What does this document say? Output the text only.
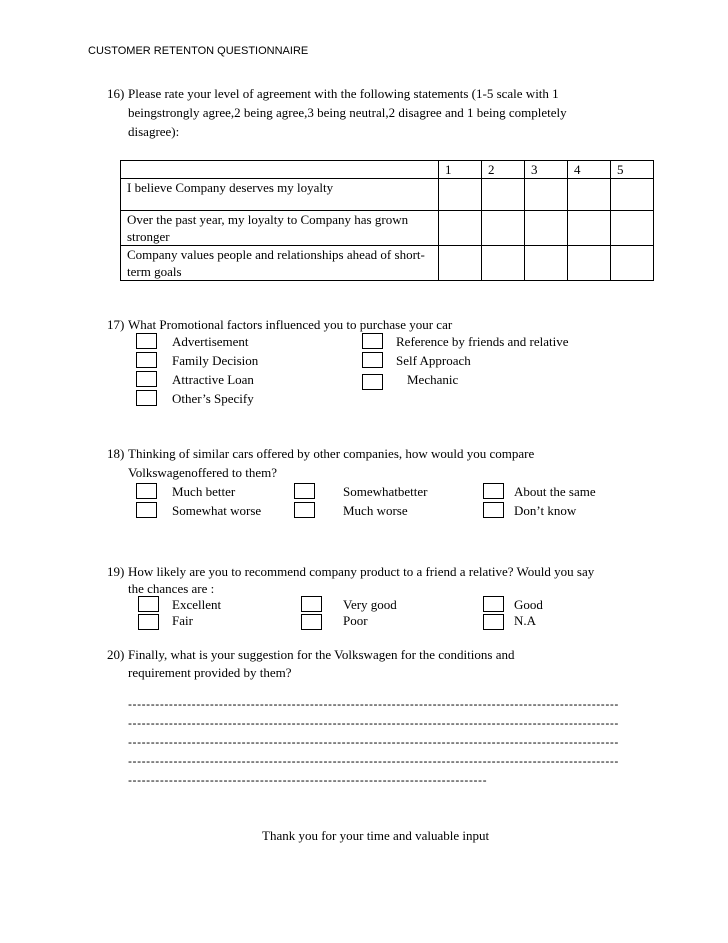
CUSTOMER RETENTON QUESTIONNAIRE
16) Please rate your level of agreement with the following statements (1-5 scale with 1
beingstrongly agree,2 being agree,3 being neutral,2 disagree and 1 being completely
disagree):
	1	2	3	4	5
I believe Company deserves my loyalty					
Over the past year, my loyalty to Company has grown stronger					
Company values people and relationships ahead of short-term goals					
17) What Promotional factors influenced you to purchase your car
Advertisement	Reference by friends and relative
Family Decision	Self Approach
Attractive Loan	Mechanic
Other’s Specify
18) Thinking of similar cars offered by other companies, how would you compare
Volkswagenoffered to them?
Much better	Somewhatbetter	About the same
Somewhat worse	Much worse	Don’t know
19) How likely are you to recommend company product to a friend a relative? Would you say
the chances are :
Excellent	Very good	Good
Fair	Poor	N.A
20) Finally, what is your suggestion for the Volkswagen for the conditions and
requirement provided by them?
------------------------------------------------------------------------------------------------------------
------------------------------------------------------------------------------------------------------------
------------------------------------------------------------------------------------------------------------
------------------------------------------------------------------------------------------------------------
-------------------------------------------------------------------------------
Thank you for your time and valuable input
